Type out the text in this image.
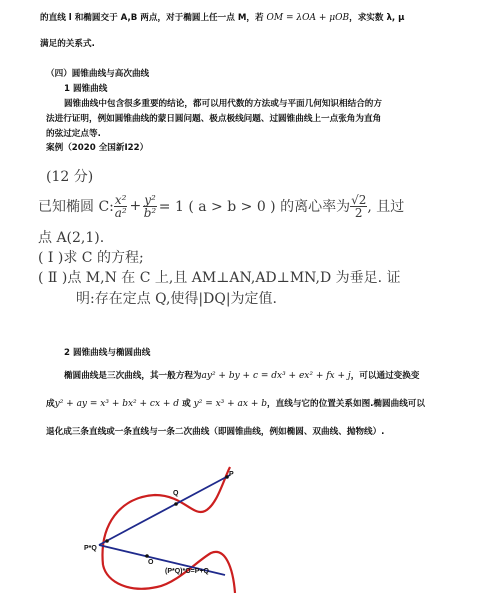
的直线 l 和椭圆交于 A,B 两点，对于椭圆上任一点 M，若 OM = λOA + μOB，求实数 λ, μ
满足的关系式.
（四）圆锥曲线与高次曲线
1 圆锥曲线
圆锥曲线中包含很多重要的结论，都可以用代数的方法或与平面几何知识相结合的方
法进行证明，例如圆锥曲线的蒙日圆问题、极点极线问题、过圆锥曲线上一点张角为直角
的弦过定点等.
案例（2020 全国新Ⅰ22）
(12 分)
已知椭圆 C: $\frac{\text{x²}}{\text{a²}} + \frac{\text{y²}}{\text{b²}} = 1$ ( a > b > 0 ) 的离心率为 $\frac{√2}{2}$ , 且过
点 A(2,1).
( Ⅰ )求 C 的方程;
( Ⅱ )点 M,N 在 C 上,且 AM⊥AN,AD⊥MN,D 为垂足. 证
明:存在定点 Q,使得|DQ|为定值.
2 圆锥曲线与椭圆曲线
椭圆曲线是三次曲线，其一般方程为ay² + by + c = dx³ + ex² + fx + j，可以通过变换变
成y² + ay = x³ + bx² + cx + d 或 y² = x³ + ax + b，直线与它的位置关系如图.椭圆曲线可以
退化成三条直线或一条直线与一条二次曲线（即圆锥曲线，例如椭圆、双曲线、抛物线）.
P
Q
P*Q
O
(P*Q)*O=P+Q
